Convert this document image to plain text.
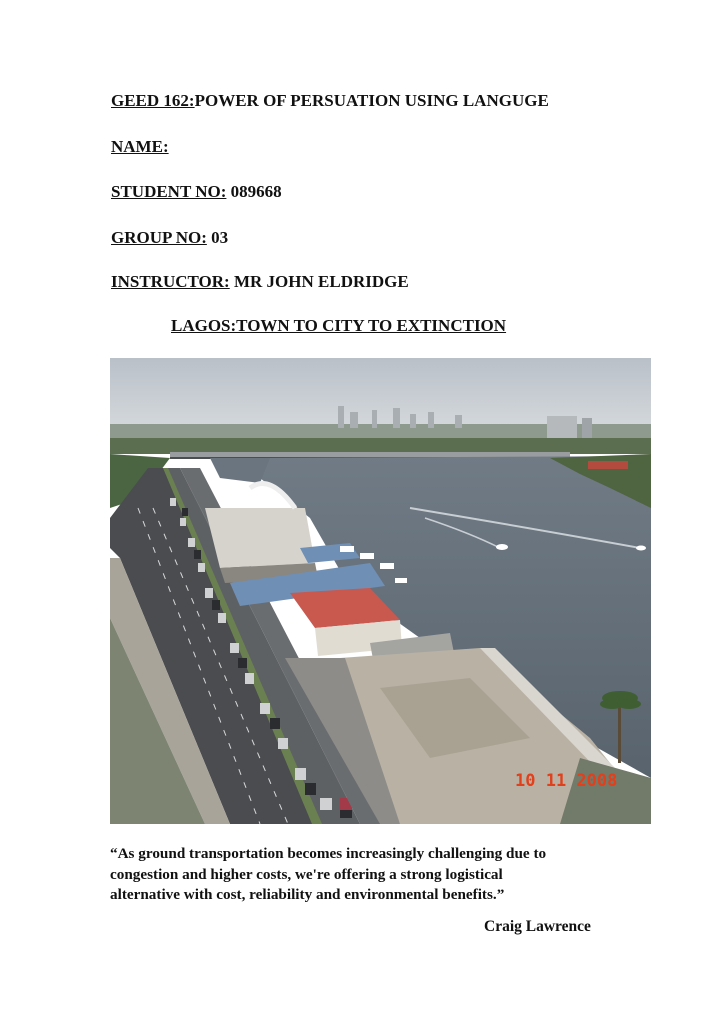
GEED 162:POWER OF PERSUATION USING LANGUGE
NAME:
STUDENT NO: 089668
GROUP NO: 03
INSTRUCTOR: MR JOHN ELDRIDGE
LAGOS:TOWN TO CITY TO EXTINCTION
10 11 2008
“As ground transportation becomes increasingly challenging due to
congestion and higher costs, we're offering a strong logistical
alternative with cost, reliability and environmental benefits.”
Craig Lawrence
